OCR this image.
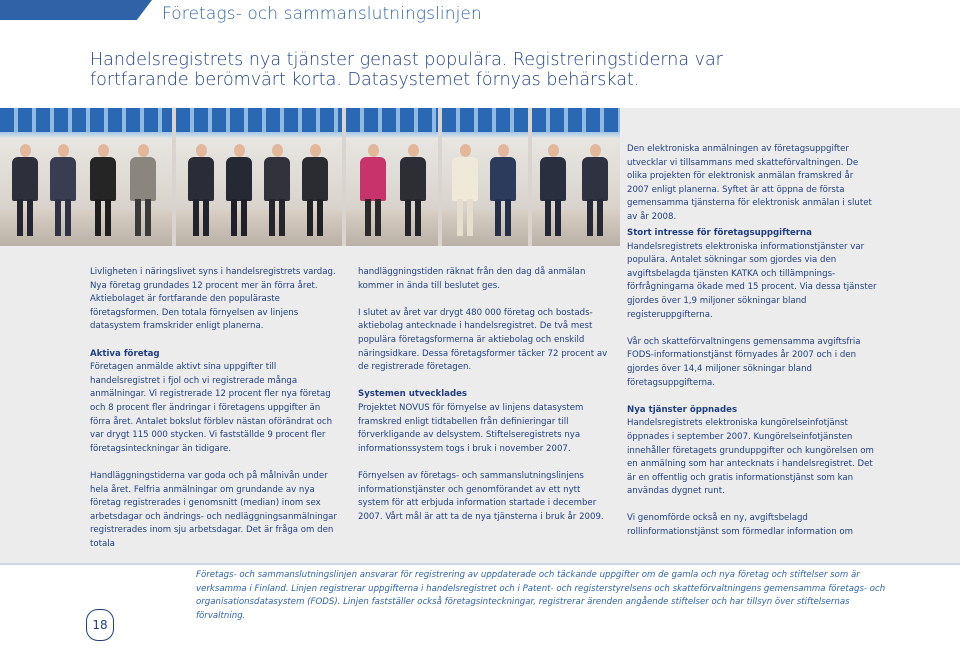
Företags- och sammanslutningslinjen
Handelsregistrets nya tjänster genast populära. Registreringstiderna var fortfarande berömvärt korta. Datasystemet förnyas behärskat.

Livligheten i näringslivet syns i handelsregistrets vardag. Nya företag grundades 12 procent mer än förra året. Aktiebolaget är fortfarande den populäraste företagsformen. Den totala förnyelsen av linjens datasystem framskrider enligt planerna.

Aktiva företag

Företagen anmälde aktivt sina uppgifter till handelsregistret i fjol och vi registrerade många anmälningar. Vi registrerade 12 procent fler nya företag och 8 procent fler ändringar i företagens uppgifter än förra året. Antalet bokslut förblev nästan oförändrat och var drygt 115 000 stycken. Vi fastställde 9 procent fler företagsinteckningar än tidigare.

Handläggningstiderna var goda och på målnivån under hela året. Felfria anmälningar om grundande av nya företag registrerades i genomsnitt (median) inom sex arbetsdagar och ändrings- och nedläggningsanmälningar registrerades inom sju arbetsdagar. Det är fråga om den totala

handläggningstiden räknat från den dag då anmälan kommer in ända till beslutet ges.

I slutet av året var drygt 480 000 företag och bostads-aktiebolag antecknade i handelsregistret. De två mest populära företagsformerna är aktiebolag och enskild näringsidkare. Dessa företagsformer täcker 72 procent av de registrerade företagen.

Systemen utvecklades

Projektet NOVUS för förnyelse av linjens datasystem framskred enligt tidtabellen från definieringar till förverkligande av delsystem. Stiftelseregistrets nya informationssystem togs i bruk i november 2007.

Förnyelsen av företags- och sammanslutningslinjens informationstjänster och genomförandet av ett nytt system för att erbjuda information startade i december 2007. Vårt mål är att ta de nya tjänsterna i bruk år 2009.

Den elektroniska anmälningen av företagsuppgifter utvecklar vi tillsammans med skatteförvaltningen. De olika projekten för elektronisk anmälan framskred år 2007 enligt planerna. Syftet är att öppna de första gemensamma tjänsterna för elektronisk anmälan i slutet av år 2008.

Stort intresse för företagsuppgifterna

Handelsregistrets elektroniska informationstjänster var populära. Antalet sökningar som gjordes via den avgiftsbelagda tjänsten KATKA och tillämpnings-förfrågningarna ökade med 15 procent. Via dessa tjänster gjordes över 1,9 miljoner sökningar bland registeruppgifterna.

Vår och skatteförvaltningens gemensamma avgiftsfria FODS-informationstjänst förnyades år 2007 och i den gjordes över 14,4 miljoner sökningar bland företagsuppgifterna.

Nya tjänster öppnades

Handelsregistrets elektroniska kungörelseinfotjänst öppnades i september 2007. Kungörelseinfotjänsten innehåller företagets grunduppgifter och kungörelsen om en anmälning som har antecknats i handelsregistret. Det är en offentlig och gratis informationstjänst som kan användas dygnet runt.

Vi genomförde också en ny, avgiftsbelagd rollinformationstjänst som förmedlar information om

Företags- och sammanslutningslinjen ansvarar för registrering av uppdaterade och täckande uppgifter om de gamla och nya företag och stiftelser som är verksamma i Finland. Linjen registrerar uppgifterna i handelsregistret och i Patent- och registerstyrelsens och skatteförvaltningens gemensamma företags- och organisationsdatasystem (FODS). Linjen fastställer också företagsinteckningar, registrerar ärenden angående stiftelser och har tillsyn över stiftelsernas förvaltning.
18
